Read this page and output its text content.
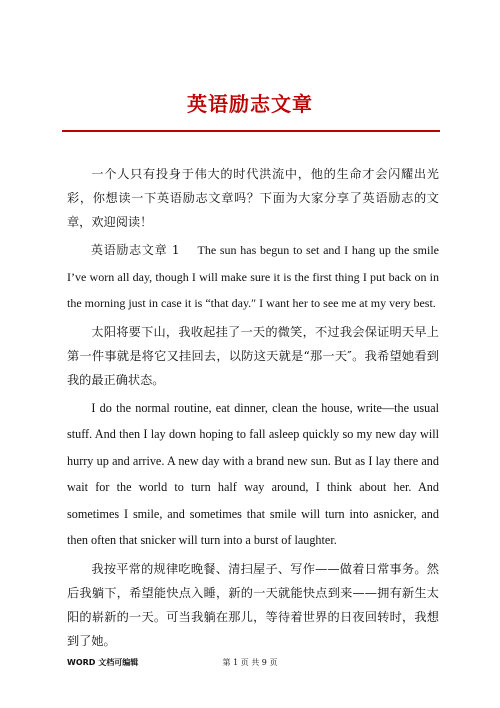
英语励志文章

一个人只有投身于伟大的时代洪流中，他的生命才会闪耀出光彩，你想读一下英语励志文章吗？下面为大家分享了英语励志的文章，欢迎阅读！

英语励志文章 1 The sun has begun to set and I hang up the smile I’ve worn all day, though I will make sure it is the first thing I put back on in the morning just in case it is “that day.″ I want her to see me at my very best.

太阳将要下山，我收起挂了一天的微笑，不过我会保证明天早上第一件事就是将它又挂回去，以防这天就是“那一天″。我希望她看到我的最正确状态。

I do the normal routine, eat dinner, clean the house, write—the usual stuff. And then I lay down hoping to fall asleep quickly so my new day will hurry up and arrive. A new day with a brand new sun. But as I lay there and wait for the world to turn half way around, I think about her. And sometimes I smile, and sometimes that smile will turn into asnicker, and then often that snicker will turn into a burst of laughter.

我按平常的规律吃晚餐、清扫屋子、写作——做着日常事务。然后我躺下，希望能快点入睡，新的一天就能快点到来——拥有新生太阳的崭新的一天。可当我躺在那儿，等待着世界的日夜回转时，我想到了她。

WORD 文档可编辑	第 1 页 共 9 页
